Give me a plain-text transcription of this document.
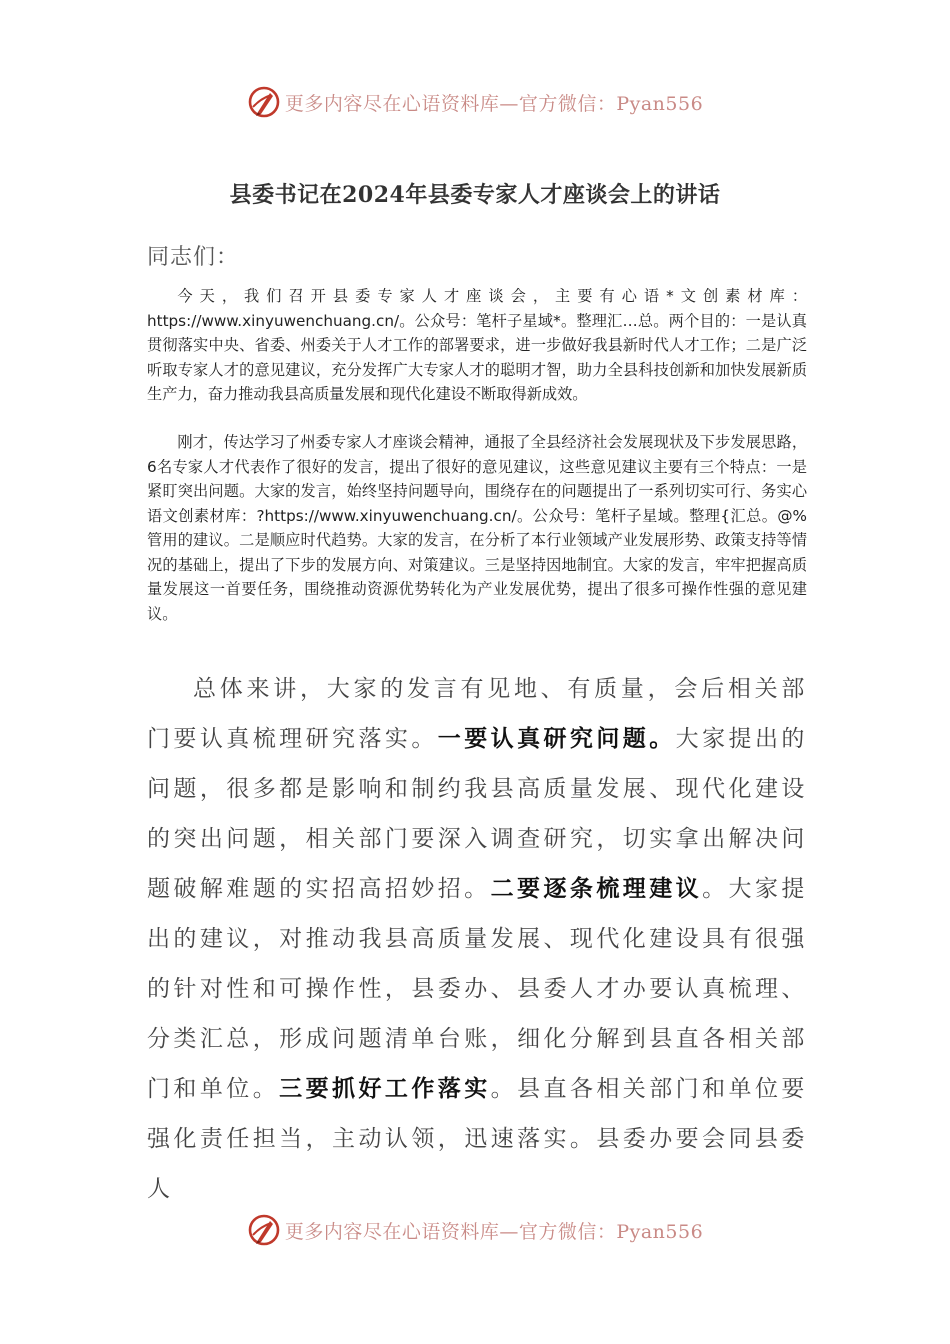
更多内容尽在心语资料库—官方微信：Pyan556
县委书记在2024年县委专家人才座谈会上的讲话
同志们：

今天，我们召开县委专家人才座谈会，主要有心语*文创素材库：https://www.xinyuwenchuang.cn/。公众号：笔杆子星域*。整理汇…总。两个目的：一是认真贯彻落实中央、省委、州委关于人才工作的部署要求，进一步做好我县新时代人才工作；二是广泛听取专家人才的意见建议，充分发挥广大专家人才的聪明才智，助力全县科技创新和加快发展新质生产力，奋力推动我县高质量发展和现代化建设不断取得新成效。

刚才，传达学习了州委专家人才座谈会精神，通报了全县经济社会发展现状及下步发展思路，6名专家人才代表作了很好的发言，提出了很好的意见建议，这些意见建议主要有三个特点：一是紧盯突出问题。大家的发言，始终坚持问题导向，围绕存在的问题提出了一系列切实可行、务实心语文创素材库：?https://www.xinyuwenchuang.cn/。公众号：笔杆子星域。整理{汇总。@%管用的建议。二是顺应时代趋势。大家的发言，在分析了本行业领域产业发展形势、政策支持等情况的基础上，提出了下步的发展方向、对策建议。三是坚持因地制宜。大家的发言，牢牢把握高质量发展这一首要任务，围绕推动资源优势转化为产业发展优势，提出了很多可操作性强的意见建议。

总体来讲，大家的发言有见地、有质量，会后相关部门要认真梳理研究落实。一要认真研究问题。大家提出的问题，很多都是影响和制约我县高质量发展、现代化建设的突出问题，相关部门要深入调查研究，切实拿出解决问题破解难题的实招高招妙招。二要逐条梳理建议。大家提出的建议，对推动我县高质量发展、现代化建设具有很强的针对性和可操作性，县委办、县委人才办要认真梳理、分类汇总，形成问题清单台账，细化分解到县直各相关部门和单位。三要抓好工作落实。县直各相关部门和单位要强化责任担当，主动认领，迅速落实。县委办要会同县委人

更多内容尽在心语资料库—官方微信：Pyan556
